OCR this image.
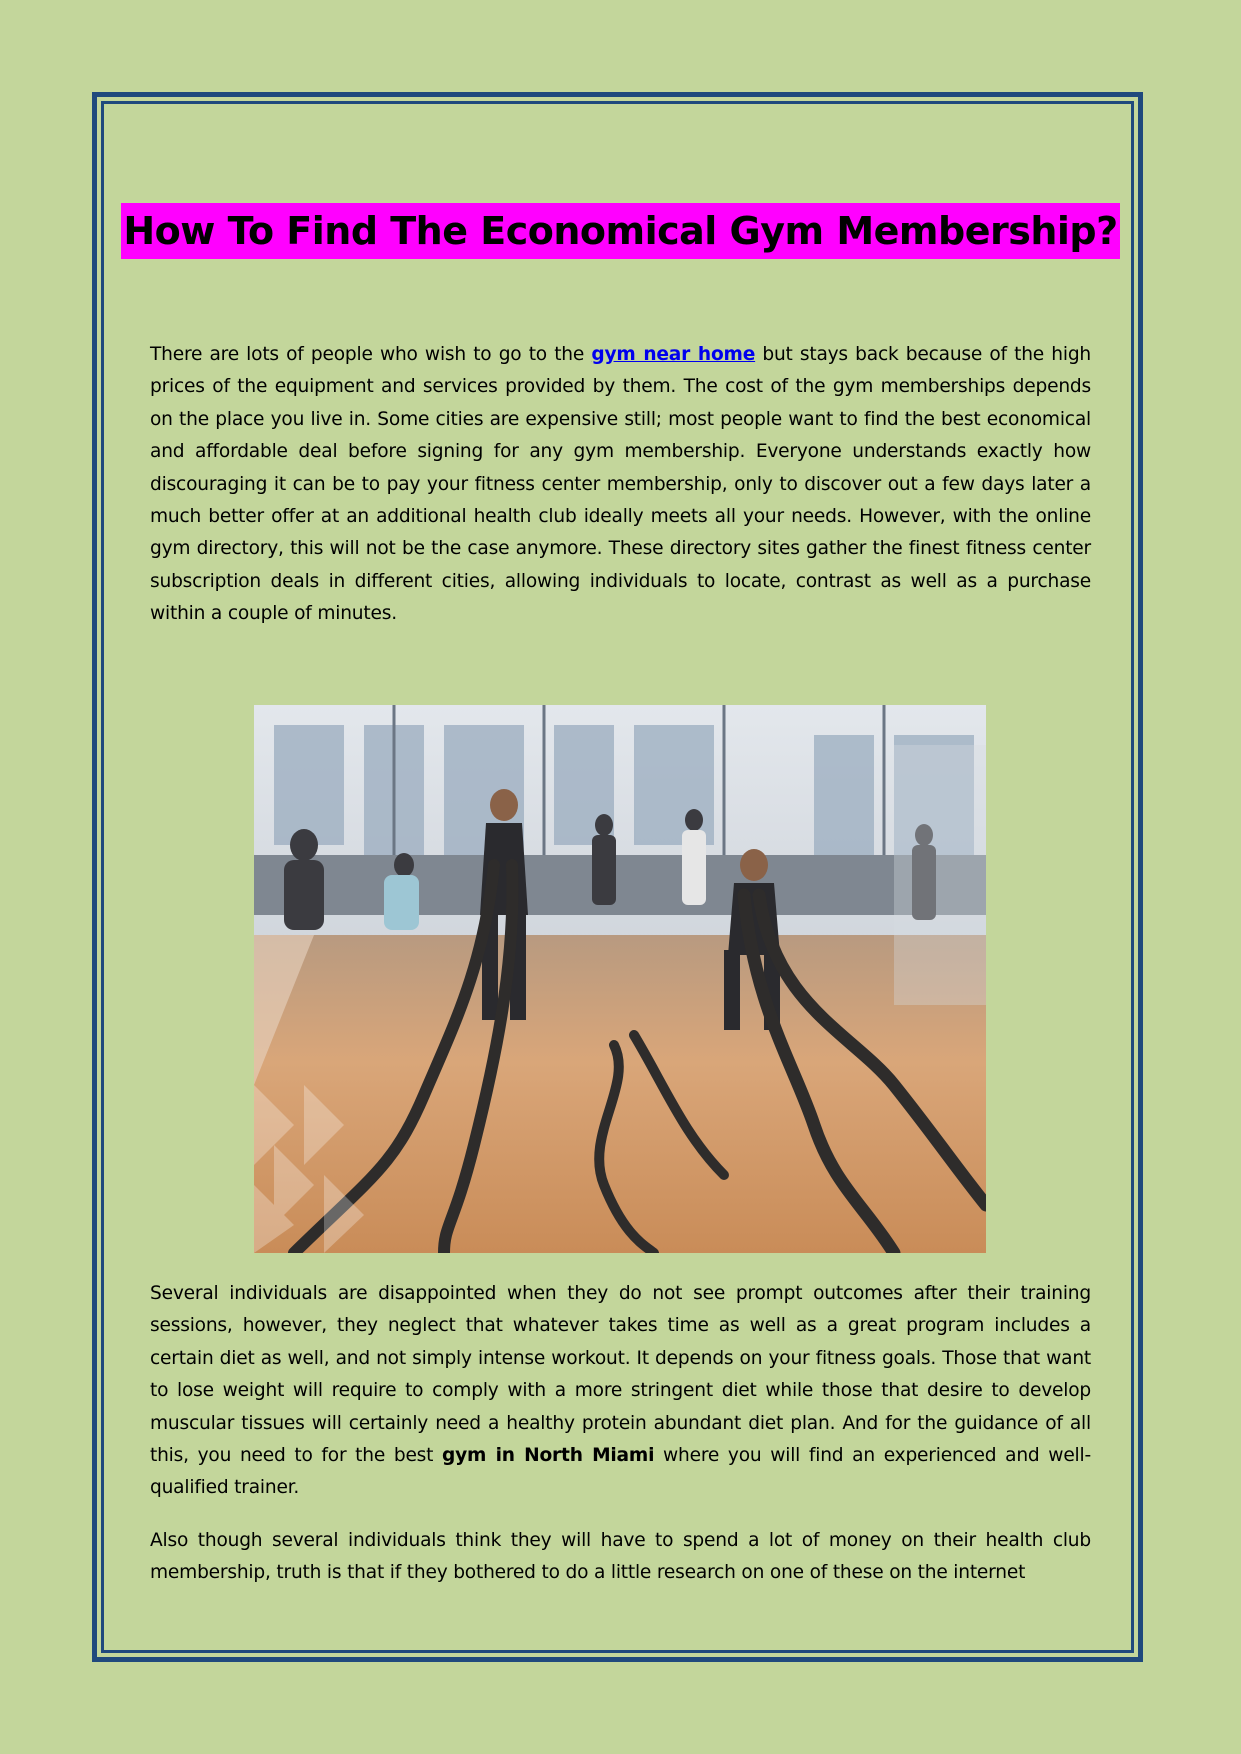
How To Find The Economical Gym Membership?

There are lots of people who wish to go to the gym near home but stays back because of the high prices of the equipment and services provided by them. The cost of the gym memberships depends on the place you live in. Some cities are expensive still; most people want to find the best economical and affordable deal before signing for any gym membership. Everyone understands exactly how discouraging it can be to pay your fitness center membership, only to discover out a few days later a much better offer at an additional health club ideally meets all your needs. However, with the online gym directory, this will not be the case anymore. These directory sites gather the finest fitness center subscription deals in different cities, allowing individuals to locate, contrast as well as a purchase within a couple of minutes.

Several individuals are disappointed when they do not see prompt outcomes after their training sessions, however, they neglect that whatever takes time as well as a great program includes a certain diet as well, and not simply intense workout. It depends on your fitness goals. Those that want to lose weight will require to comply with a more stringent diet while those that desire to develop muscular tissues will certainly need a healthy protein abundant diet plan. And for the guidance of all this, you need to for the best gym in North Miami where you will find an experienced and well-qualified trainer.

Also though several individuals think they will have to spend a lot of money on their health club membership, truth is that if they bothered to do a little research on one of these on the internet
